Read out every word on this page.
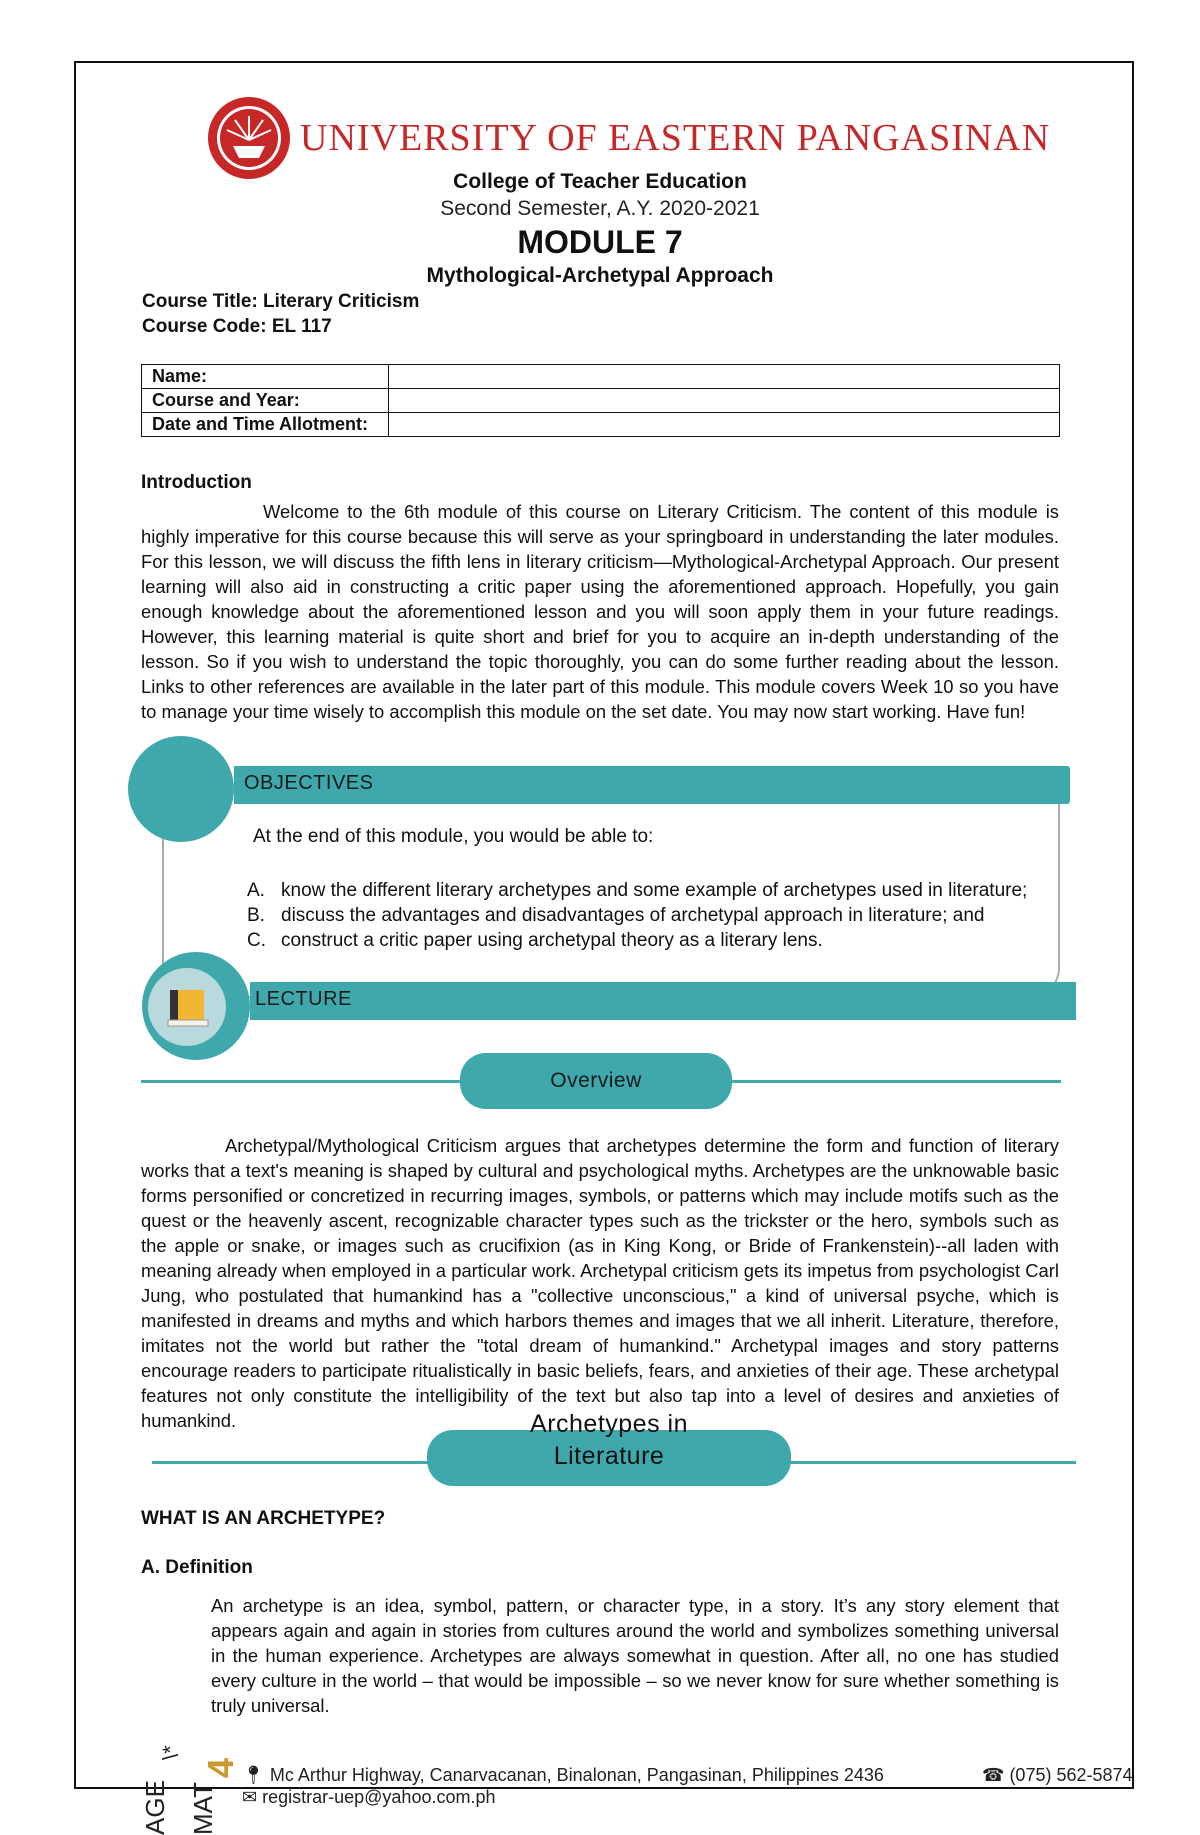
UNIVERSITY OF EASTERN PANGASINAN
College of Teacher Education
Second Semester, A.Y. 2020-2021
MODULE 7
Mythological-Archetypal Approach
Course Title: Literary Criticism
Course Code: EL 117
Name:	
Course and Year:	
Date and Time Allotment:	
Introduction
Welcome to the 6th module of this course on Literary Criticism. The content of this module is highly imperative for this course because this will serve as your springboard in understanding the later modules. For this lesson, we will discuss the fifth lens in literary criticism—Mythological-Archetypal Approach. Our present learning will also aid in constructing a critic paper using the aforementioned approach. Hopefully, you gain enough knowledge about the aforementioned lesson and you will soon apply them in your future readings. However, this learning material is quite short and brief for you to acquire an in-depth understanding of the lesson. So if you wish to understand the topic thoroughly, you can do some further reading about the lesson. Links to other references are available in the later part of this module. This module covers Week 10 so you have to manage your time wisely to accomplish this module on the set date. You may now start working. Have fun!
OBJECTIVES
At the end of this module, you would be able to:
A. know the different literary archetypes and some example of archetypes used in literature;
B. discuss the advantages and disadvantages of archetypal approach in literature; and
C. construct a critic paper using archetypal theory as a literary lens.
LECTURE
Overview
Archetypal/Mythological Criticism argues that archetypes determine the form and function of literary works that a text's meaning is shaped by cultural and psychological myths. Archetypes are the unknowable basic forms personified or concretized in recurring images, symbols, or patterns which may include motifs such as the quest or the heavenly ascent, recognizable character types such as the trickster or the hero, symbols such as the apple or snake, or images such as crucifixion (as in King Kong, or Bride of Frankenstein)--all laden with meaning already when employed in a particular work. Archetypal criticism gets its impetus from psychologist Carl Jung, who postulated that humankind has a "collective unconscious," a kind of universal psyche, which is manifested in dreams and myths and which harbors themes and images that we all inherit. Literature, therefore, imitates not the world but rather the "total dream of humankind." Archetypal images and story patterns encourage readers to participate ritualistically in basic beliefs, fears, and anxieties of their age. These archetypal features not only constitute the intelligibility of the text but also tap into a level of desires and anxieties of humankind.	Archetypes in
Literature
WHAT IS AN ARCHETYPE?
A. Definition
An archetype is an idea, symbol, pattern, or character type, in a story. It’s any story element that appears again and again in stories from cultures around the world and symbolizes something universal in the human experience. Archetypes are always somewhat in question. After all, no one has studied every culture in the world – that would be impossible – so we never know for sure whether something is truly universal.
📍︎ Mc Arthur Highway, Canarvacanan, Binalonan, Pangasinan, Philippines 2436
✉ registrar-uep@yahoo.com.ph
☎ (075) 562-5874
AGE MAT
4
\*
